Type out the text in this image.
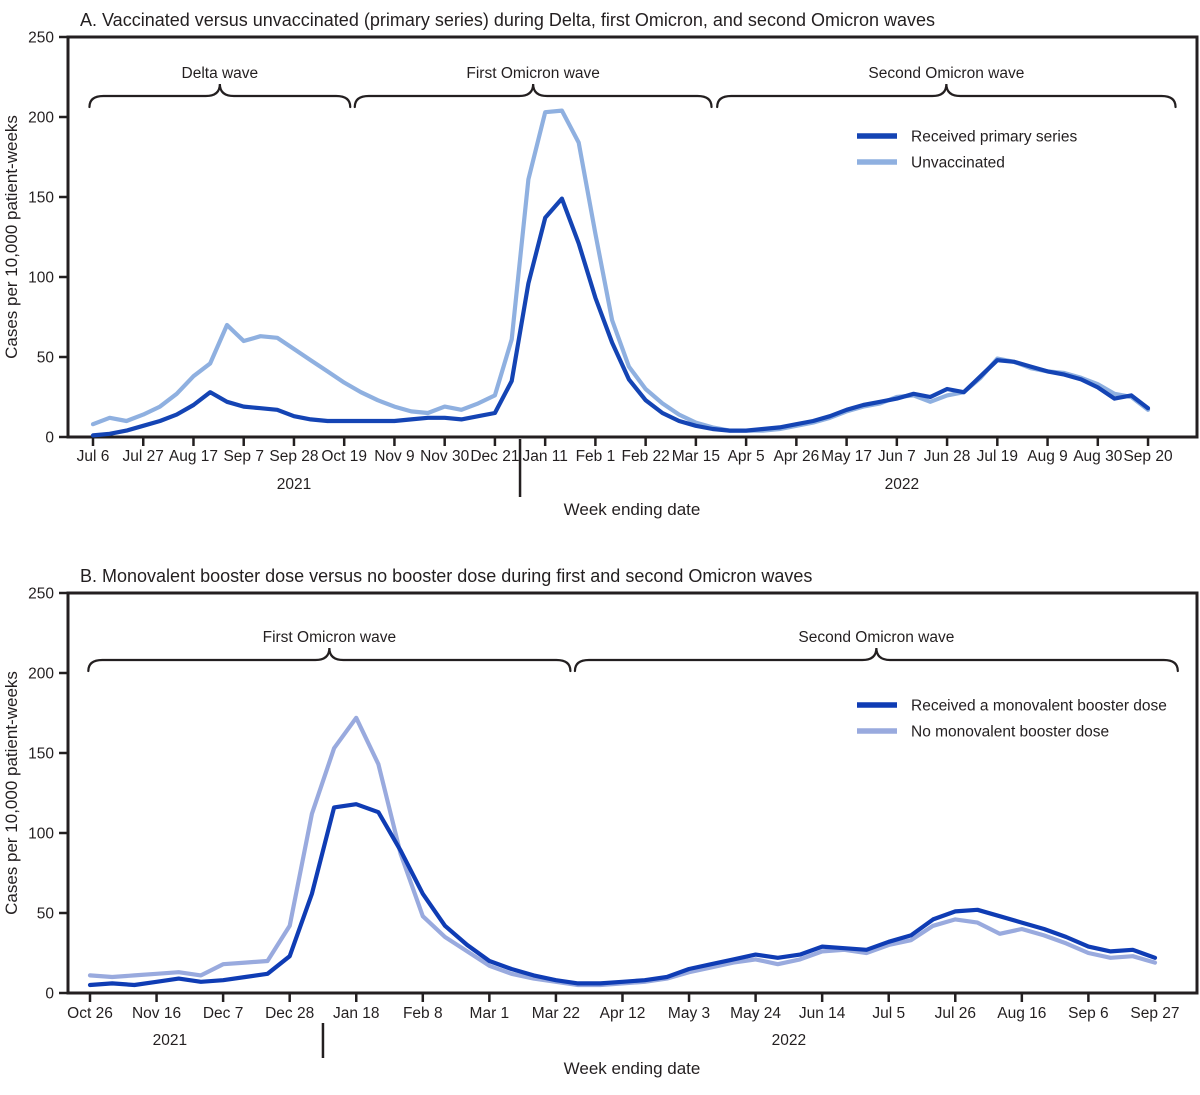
A. Vaccinated versus unvaccinated (primary series) during Delta, first Omicron, and second Omicron waves
Cases per 10,000 patient-weeks
Week ending date
0
50
100
150
200
250
Jul 6 Jul 27 Aug 17 Sep 7 Sep 28 Oct 19 Nov 9 Nov 30 Dec 21 Jan 11 Feb 1 Feb 22 Mar 15 Apr 5 Apr 26 May 17 Jun 7 Jun 28 Jul 19 Aug 9 Aug 30 Sep 20
2021	2022
Delta wave	First Omicron wave	Second Omicron wave
Received primary series
Unvaccinated
B. Monovalent booster dose versus no booster dose during first and second Omicron waves
Cases per 10,000 patient-weeks
Week ending date
0
50
100
150
200
250
Oct 26 Nov 16 Dec 7 Dec 28 Jan 18 Feb 8 Mar 1 Mar 22 Apr 12 May 3 May 24 Jun 14 Jul 5 Jul 26 Aug 16 Sep 6 Sep 27
2021	2022
First Omicron wave	Second Omicron wave
Received a monovalent booster dose
No monovalent booster dose
